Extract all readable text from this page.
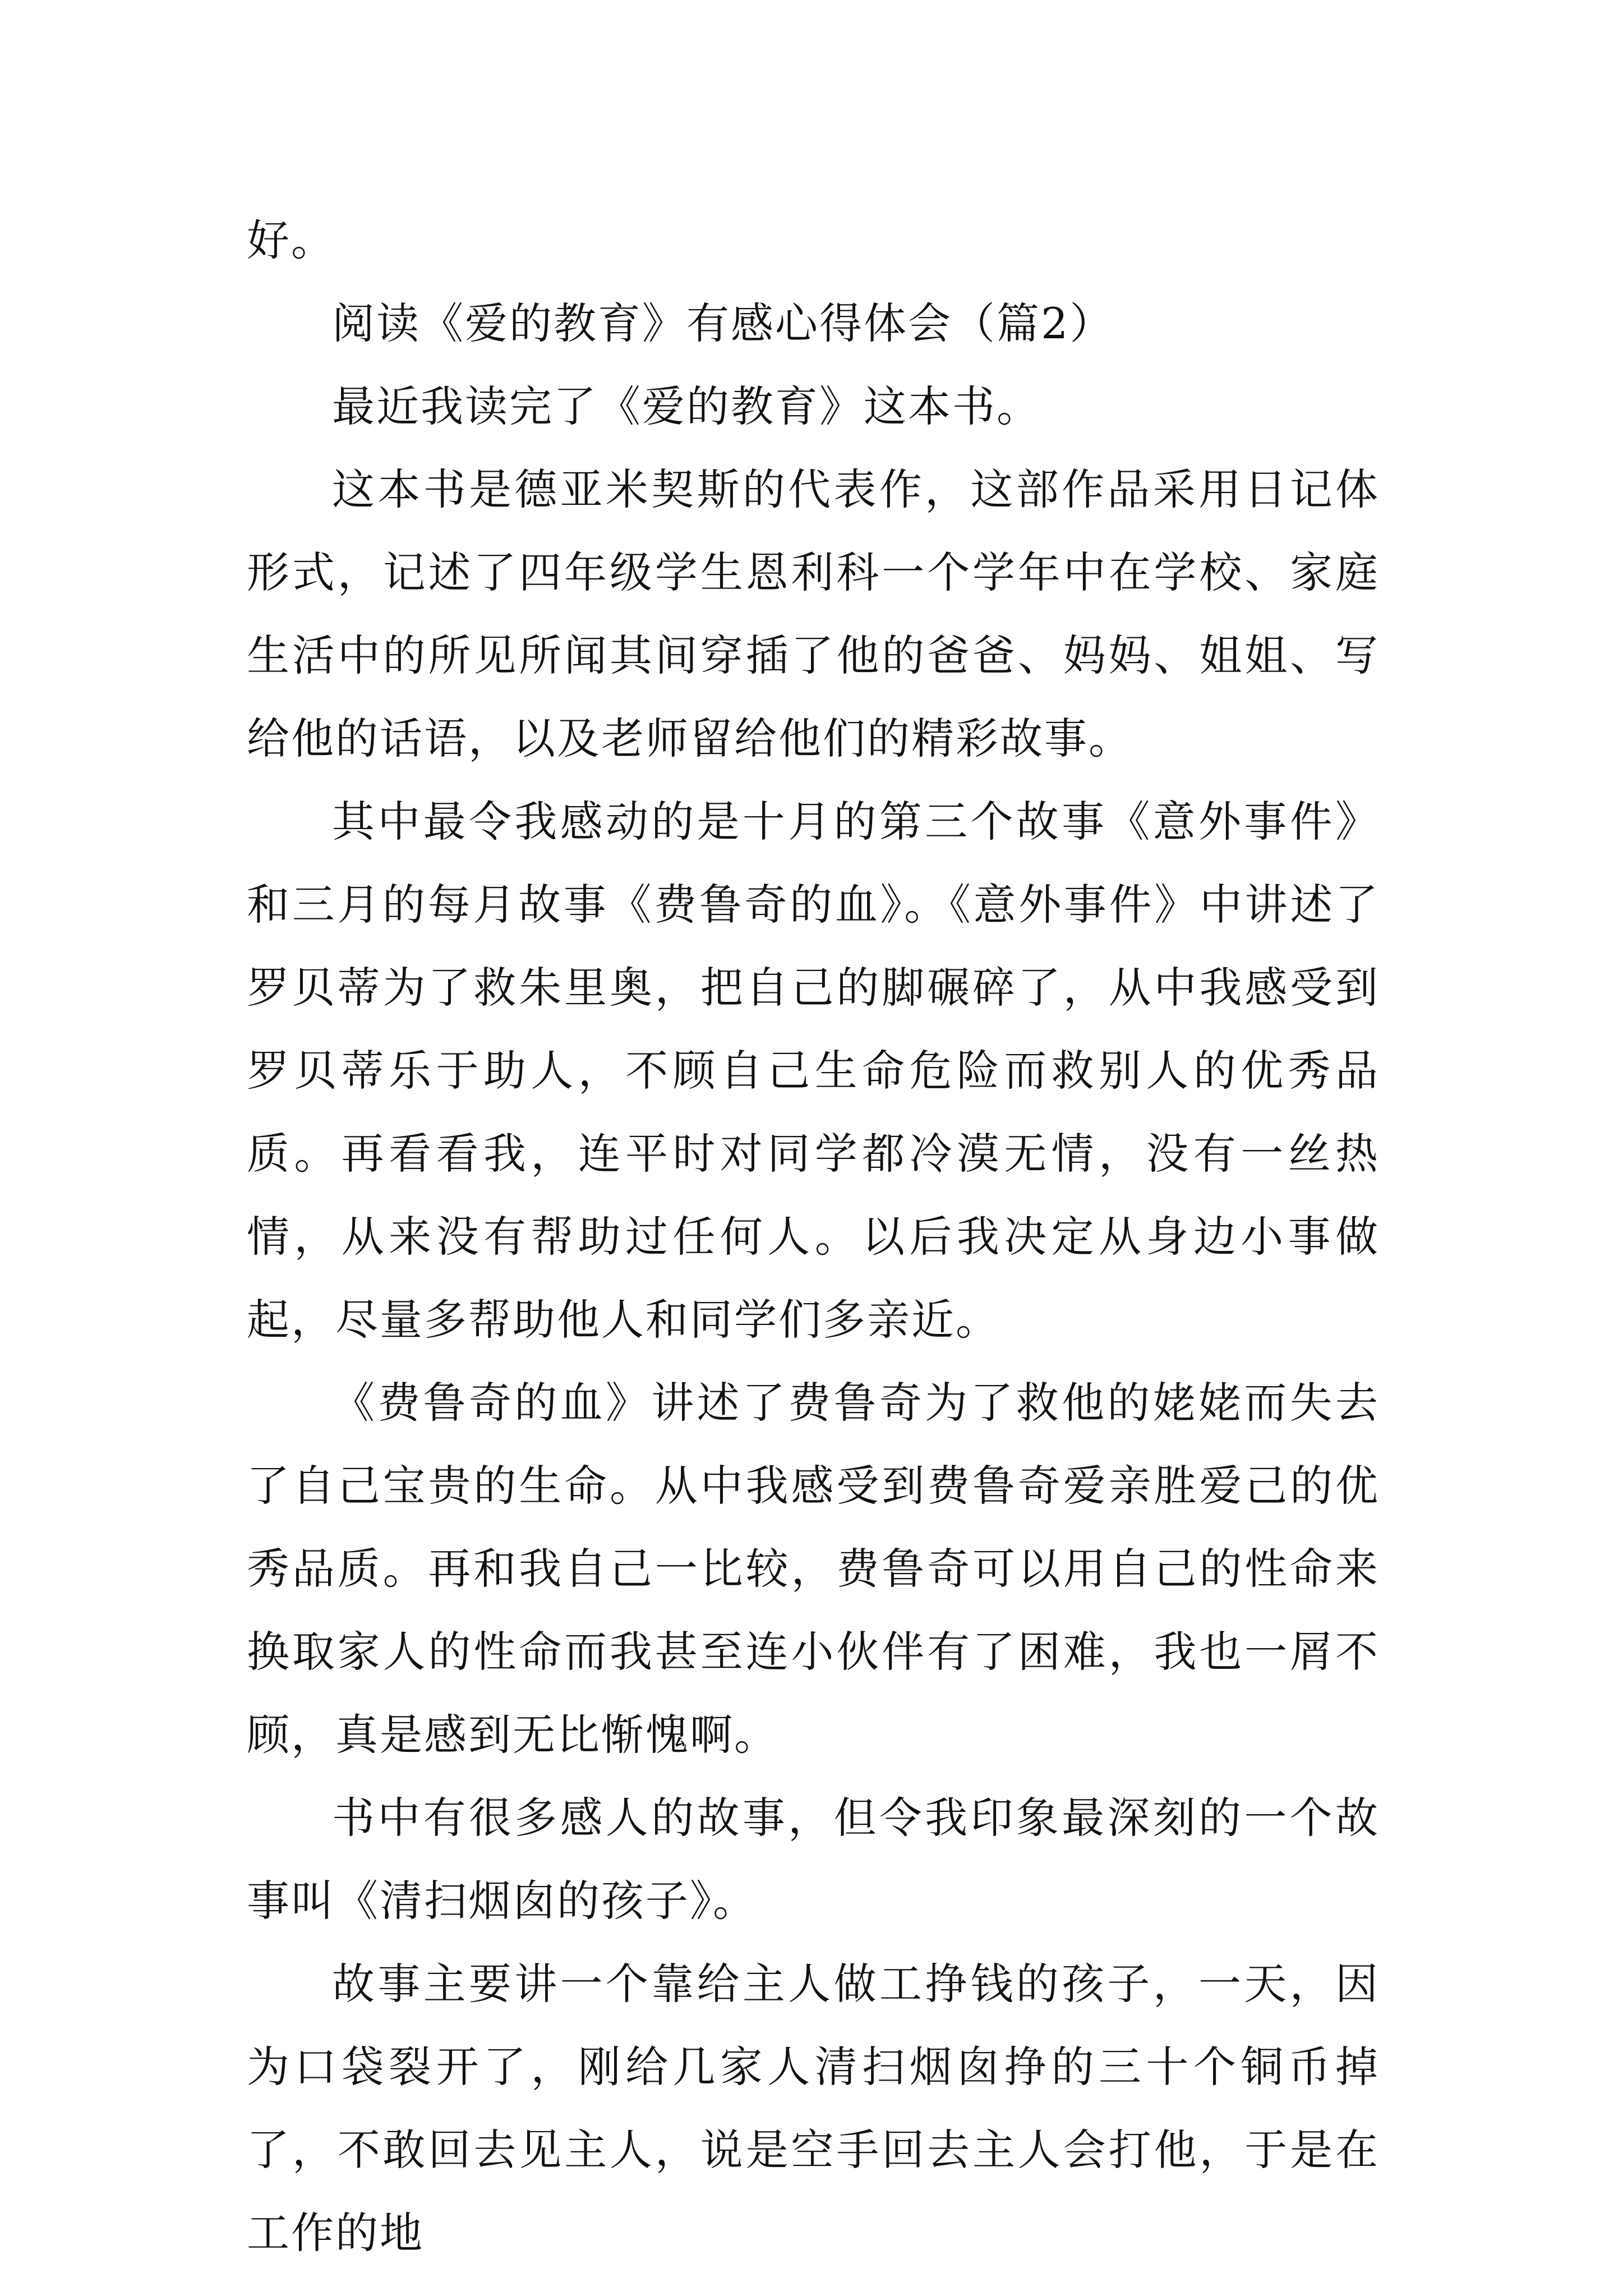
好。

阅读《爱的教育》有感心得体会（篇2）

最近我读完了《爱的教育》这本书。

这本书是德亚米契斯的代表作，这部作品采用日记体形式，记述了四年级学生恩利科一个学年中在学校、家庭生活中的所见所闻其间穿插了他的爸爸、妈妈、姐姐、写给他的话语，以及老师留给他们的精彩故事。

其中最令我感动的是十月的第三个故事《意外事件》和三月的每月故事《费鲁奇的血》。《意外事件》中讲述了罗贝蒂为了救朱里奥，把自己的脚碾碎了，从中我感受到罗贝蒂乐于助人，不顾自己生命危险而救别人的优秀品质。再看看我，连平时对同学都冷漠无情，没有一丝热情，从来没有帮助过任何人。以后我决定从身边小事做起，尽量多帮助他人和同学们多亲近。

《费鲁奇的血》讲述了费鲁奇为了救他的姥姥而失去了自己宝贵的生命。从中我感受到费鲁奇爱亲胜爱己的优秀品质。再和我自己一比较，费鲁奇可以用自己的性命来换取家人的性命而我甚至连小伙伴有了困难，我也一屑不顾，真是感到无比惭愧啊。

书中有很多感人的故事，但令我印象最深刻的一个故事叫《清扫烟囱的孩子》。

故事主要讲一个靠给主人做工挣钱的孩子，一天，因为口袋裂开了，刚给几家人清扫烟囱挣的三十个铜币掉了，不敢回去见主人，说是空手回去主人会打他，于是在工作的地
